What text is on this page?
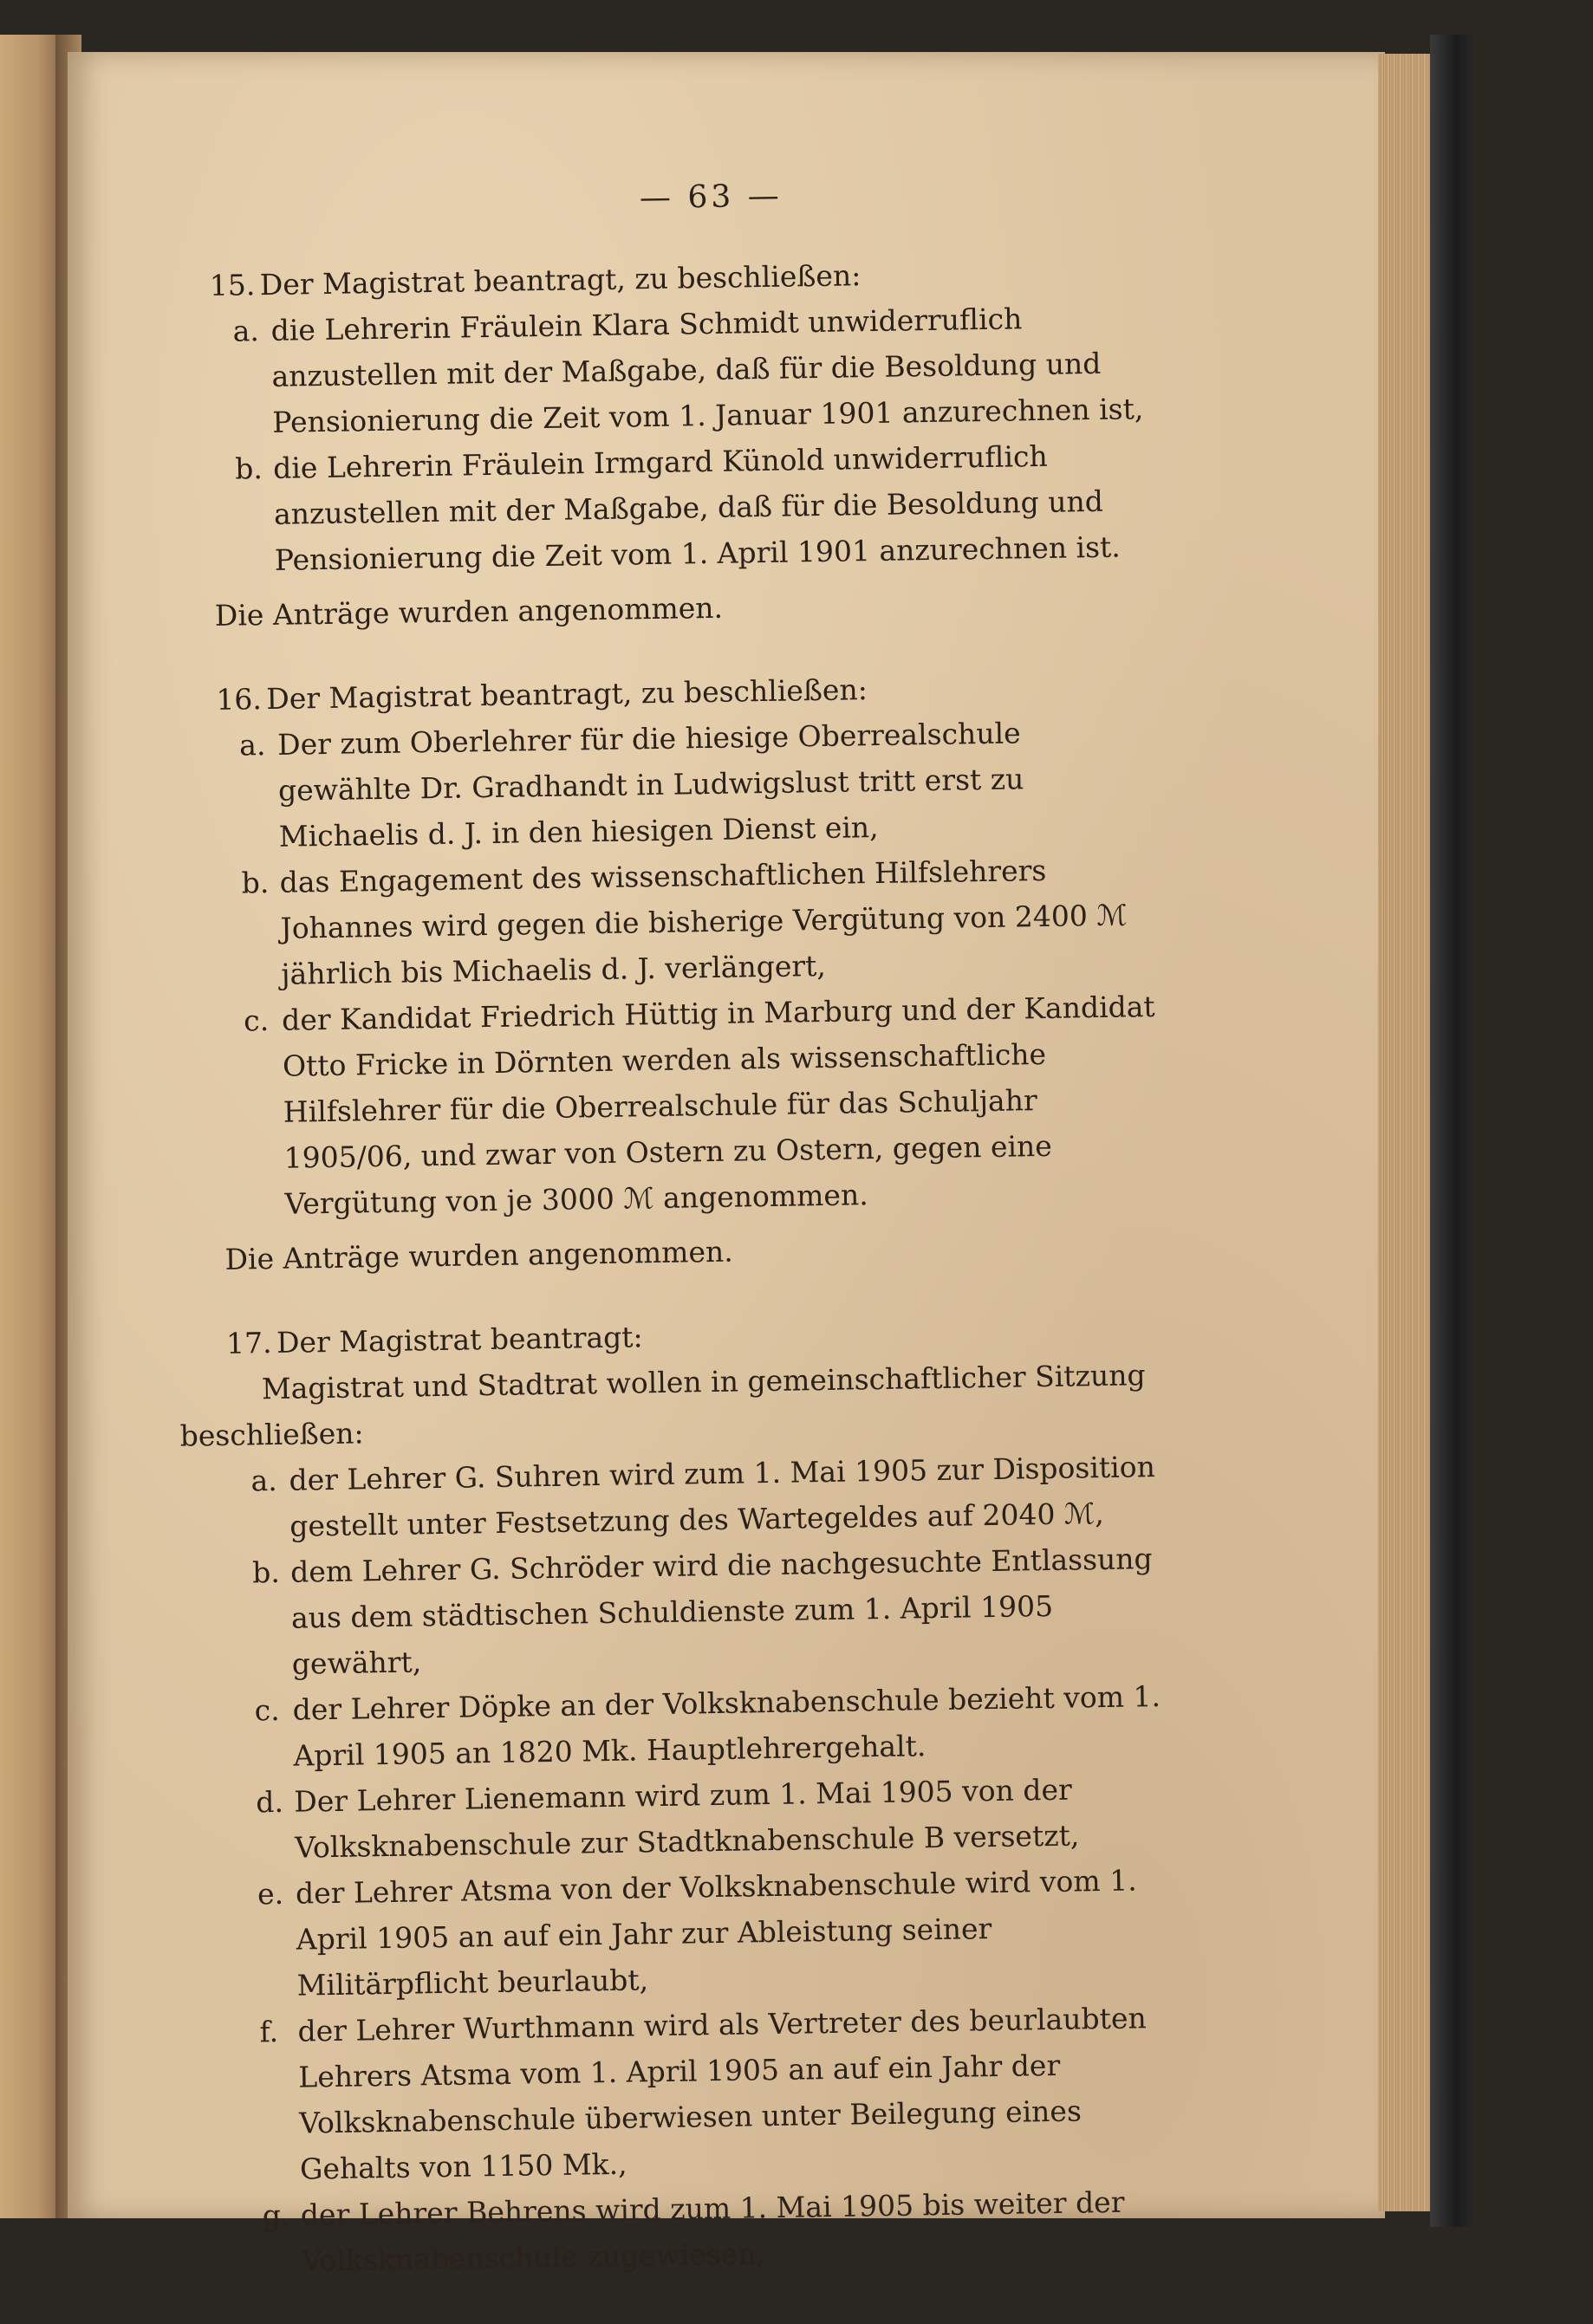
— 63 —

15. Der Magistrat beantragt, zu beschließen:

a. die Lehrerin Fräulein Klara Schmidt unwiderruflich anzustellen mit der Maßgabe, daß für die Besoldung und Pensionierung die Zeit vom 1. Januar 1901 anzurechnen ist,

b. die Lehrerin Fräulein Irmgard Künold unwiderruflich anzustellen mit der Maßgabe, daß für die Besoldung und Pensionierung die Zeit vom 1. April 1901 anzurechnen ist.

Die Anträge wurden angenommen.

16. Der Magistrat beantragt, zu beschließen:

a. Der zum Oberlehrer für die hiesige Oberrealschule gewählte Dr. Gradhandt in Ludwigslust tritt erst zu Michaelis d. J. in den hiesigen Dienst ein,

b. das Engagement des wissenschaftlichen Hilfslehrers Johannes wird gegen die bisherige Vergütung von 2400 ℳ jährlich bis Michaelis d. J. verlängert,

c. der Kandidat Friedrich Hüttig in Marburg und der Kandidat Otto Fricke in Dörnten werden als wissenschaftliche Hilfslehrer für die Oberrealschule für das Schuljahr 1905/06, und zwar von Ostern zu Ostern, gegen eine Vergütung von je 3000 ℳ angenommen.

Die Anträge wurden angenommen.

17. Der Magistrat beantragt:

Magistrat und Stadtrat wollen in gemeinschaftlicher Sitzung beschließen:

a. der Lehrer G. Suhren wird zum 1. Mai 1905 zur Disposition gestellt unter Festsetzung des Wartegeldes auf 2040 ℳ,

b. dem Lehrer G. Schröder wird die nachgesuchte Entlassung aus dem städtischen Schuldienste zum 1. April 1905 gewährt,

c. der Lehrer Döpke an der Volksknabenschule bezieht vom 1. April 1905 an 1820 Mk. Hauptlehrergehalt.

d. Der Lehrer Lienemann wird zum 1. Mai 1905 von der Volksknabenschule zur Stadtknabenschule B versetzt,

e. der Lehrer Atsma von der Volksknabenschule wird vom 1. April 1905 an auf ein Jahr zur Ableistung seiner Militärpflicht beurlaubt,

f. der Lehrer Wurthmann wird als Vertreter des beurlaubten Lehrers Atsma vom 1. April 1905 an auf ein Jahr der Volksknabenschule überwiesen unter Beilegung eines Gehalts von 1150 Mk.,

g. der Lehrer Behrens wird zum 1. Mai 1905 bis weiter der Volksknabenschule zugewiesen,
